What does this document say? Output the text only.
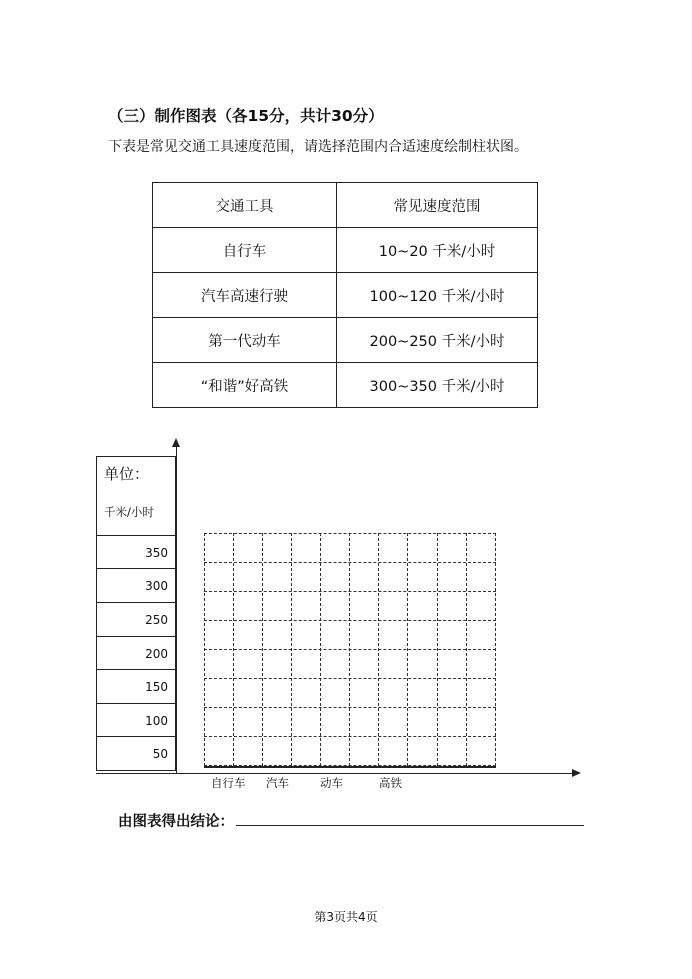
（三）制作图表（各15分，共计30分）
下表是常见交通工具速度范围，请选择范围内合适速度绘制柱状图。
交通工具	常见速度范围
自行车	10~20 千米/小时
汽车高速行驶	100~120 千米/小时
第一代动车	200~250 千米/小时
“和谐”好高铁	300~350 千米/小时
单位：
千米/小时
350
300
250
200
150
100
50
自行车 汽车	动车	高铁
由图表得出结论：
第3页共4页
